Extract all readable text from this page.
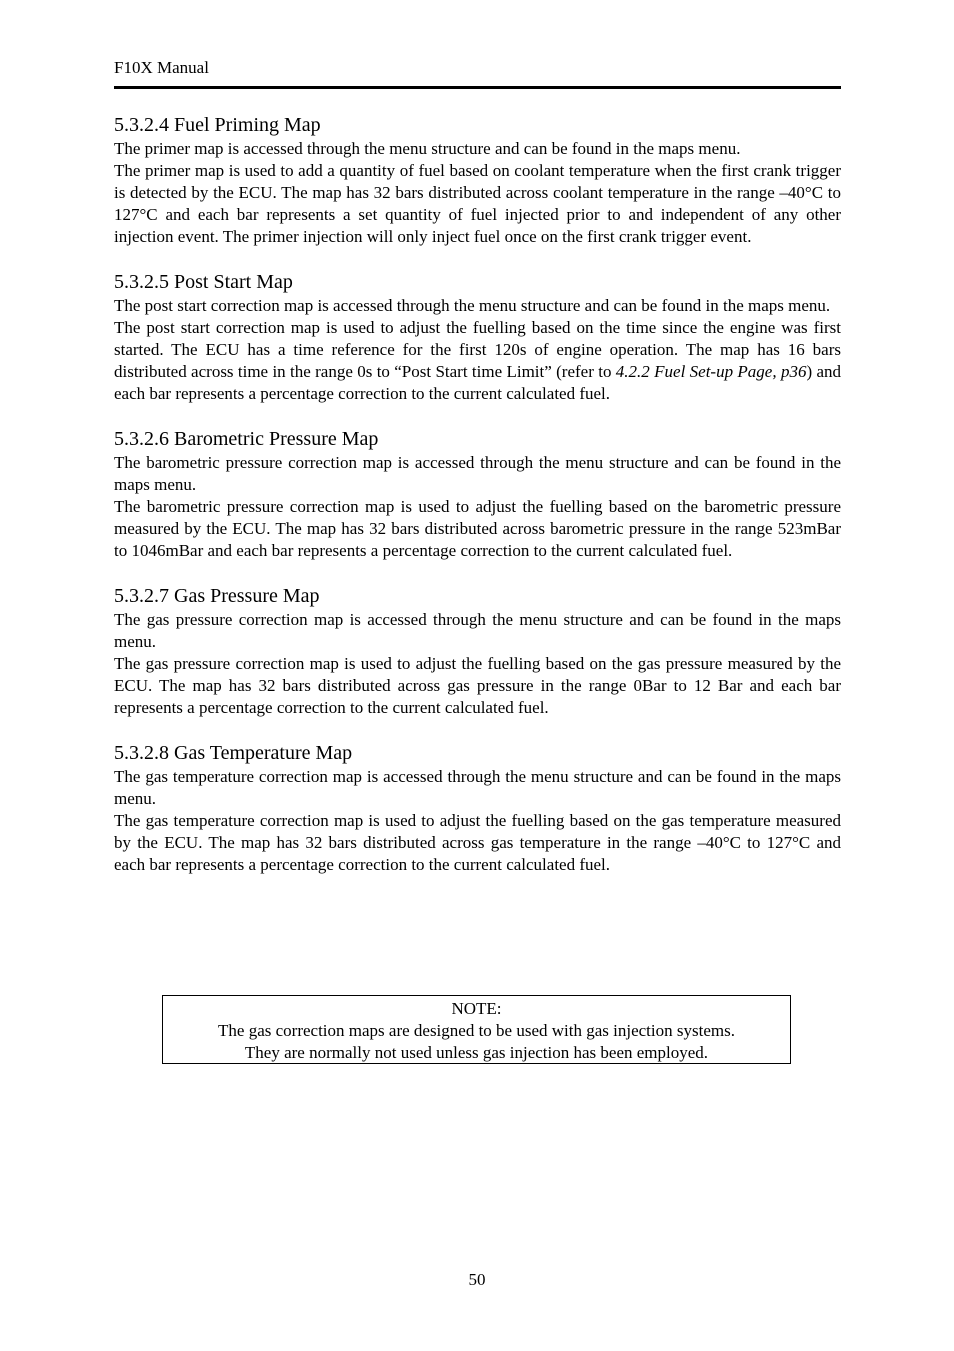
F10X Manual
5.3.2.4 Fuel Priming Map

The primer map is accessed through the menu structure and can be found in the maps menu.

The primer map is used to add a quantity of fuel based on coolant temperature when the first crank trigger is detected by the ECU. The map has 32 bars distributed across coolant temperature in the range –40°C to 127°C and each bar represents a set quantity of fuel injected prior to and independent of any other injection event. The primer injection will only inject fuel once on the first crank trigger event.

5.3.2.5 Post Start Map

The post start correction map is accessed through the menu structure and can be found in the maps menu.

The post start correction map is used to adjust the fuelling based on the time since the engine was first started. The ECU has a time reference for the first 120s of engine operation. The map has 16 bars distributed across time in the range 0s to “Post Start time Limit” (refer to 4.2.2 Fuel Set-up Page, p36) and each bar represents a percentage correction to the current calculated fuel.

5.3.2.6 Barometric Pressure Map

The barometric pressure correction map is accessed through the menu structure and can be found in the maps menu.

The barometric pressure correction map is used to adjust the fuelling based on the barometric pressure measured by the ECU. The map has 32 bars distributed across barometric pressure in the range 523mBar to 1046mBar and each bar represents a percentage correction to the current calculated fuel.

5.3.2.7 Gas Pressure Map

The gas pressure correction map is accessed through the menu structure and can be found in the maps menu.

The gas pressure correction map is used to adjust the fuelling based on the gas pressure measured by the ECU. The map has 32 bars distributed across gas pressure in the range 0Bar to 12 Bar and each bar represents a percentage correction to the current calculated fuel.

5.3.2.8 Gas Temperature Map

The gas temperature correction map is accessed through the menu structure and can be found in the maps menu.

The gas temperature correction map is used to adjust the fuelling based on the gas temperature measured by the ECU. The map has 32 bars distributed across gas temperature in the range –40°C to 127°C and each bar represents a percentage correction to the current calculated fuel.

NOTE:
The gas correction maps are designed to be used with gas injection systems.
They are normally not used unless gas injection has been employed.
50
